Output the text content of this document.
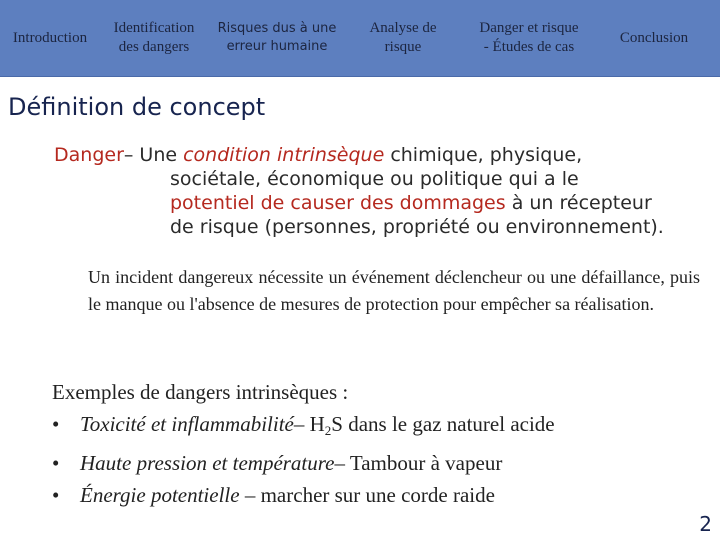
Introduction
Identification
des dangers
Risques dus à une
erreur humaine
Analyse de
risque
Danger et risque
- Études de cas
Conclusion
Définition de concept
Danger– Une condition intrinsèque chimique, physique,
sociétale, économique ou politique qui a le
potentiel de causer des dommages à un récepteur
de risque (personnes, propriété ou environnement).

Un incident dangereux nécessite un événement déclencheur ou une défaillance, puis le manque ou l'absence de mesures de protection pour empêcher sa réalisation.

Exemples de dangers intrinsèques :
• Toxicité et inflammabilité– $H_2S$ dans le gaz naturel acide
• Haute pression et température– Tambour à vapeur
• Énergie potentielle – marcher sur une corde raide
2
